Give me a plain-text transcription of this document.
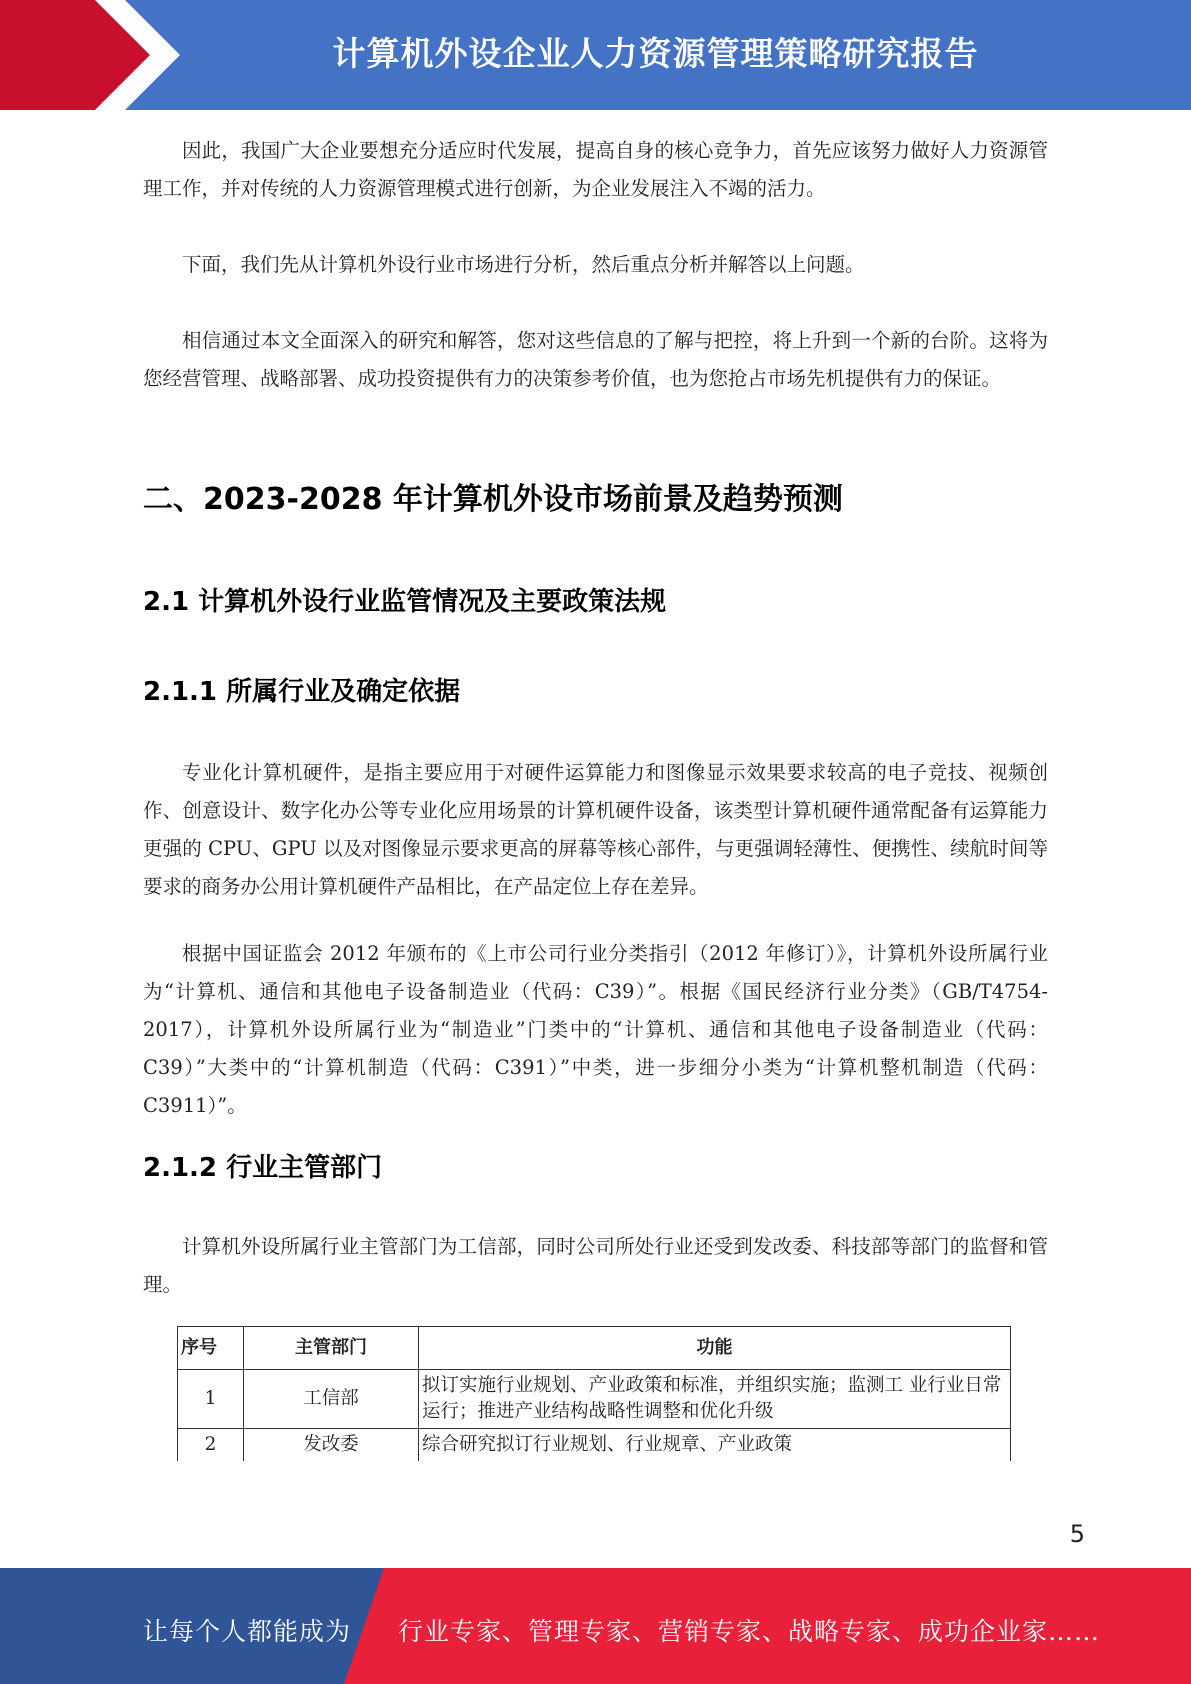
计算机外设企业人力资源管理策略研究报告

因此，我国广大企业要想充分适应时代发展，提高自身的核心竞争力，首先应该努力做好人力资源管理工作，并对传统的人力资源管理模式进行创新，为企业发展注入不竭的活力。

下面，我们先从计算机外设行业市场进行分析，然后重点分析并解答以上问题。

相信通过本文全面深入的研究和解答，您对这些信息的了解与把控，将上升到一个新的台阶。这将为您经营管理、战略部署、成功投资提供有力的决策参考价值，也为您抢占市场先机提供有力的保证。

二、2023-2028 年计算机外设市场前景及趋势预测
2.1 计算机外设行业监管情况及主要政策法规
2.1.1 所属行业及确定依据

专业化计算机硬件，是指主要应用于对硬件运算能力和图像显示效果要求较高的电子竞技、视频创作、创意设计、数字化办公等专业化应用场景的计算机硬件设备，该类型计算机硬件通常配备有运算能力更强的 CPU、GPU 以及对图像显示要求更高的屏幕等核心部件，与更强调轻薄性、便携性、续航时间等要求的商务办公用计算机硬件产品相比，在产品定位上存在差异。

根据中国证监会 2012 年颁布的《上市公司行业分类指引（2012 年修订）》，计算机外设所属行业为“计算机、通信和其他电子设备制造业（代码：C39）”。根据《国民经济行业分类》（GB/T4754-2017），计算机外设所属行业为“制造业”门类中的“计算机、通信和其他电子设备制造业（代码：C39）”大类中的“计算机制造（代码：C391）”中类，进一步细分小类为“计算机整机制造（代码：C3911）”。

2.1.2 行业主管部门

计算机外设所属行业主管部门为工信部，同时公司所处行业还受到发改委、科技部等部门的监督和管理。

序号	主管部门	功能
1	工信部	拟订实施行业规划、产业政策和标准，并组织实施；监测工 业行业日常运行；推进产业结构战略性调整和优化升级
2	发改委	综合研究拟订行业规划、行业规章、产业政策
5
让每个人都能成为 行业专家、管理专家、营销专家、战略专家、成功企业家……
